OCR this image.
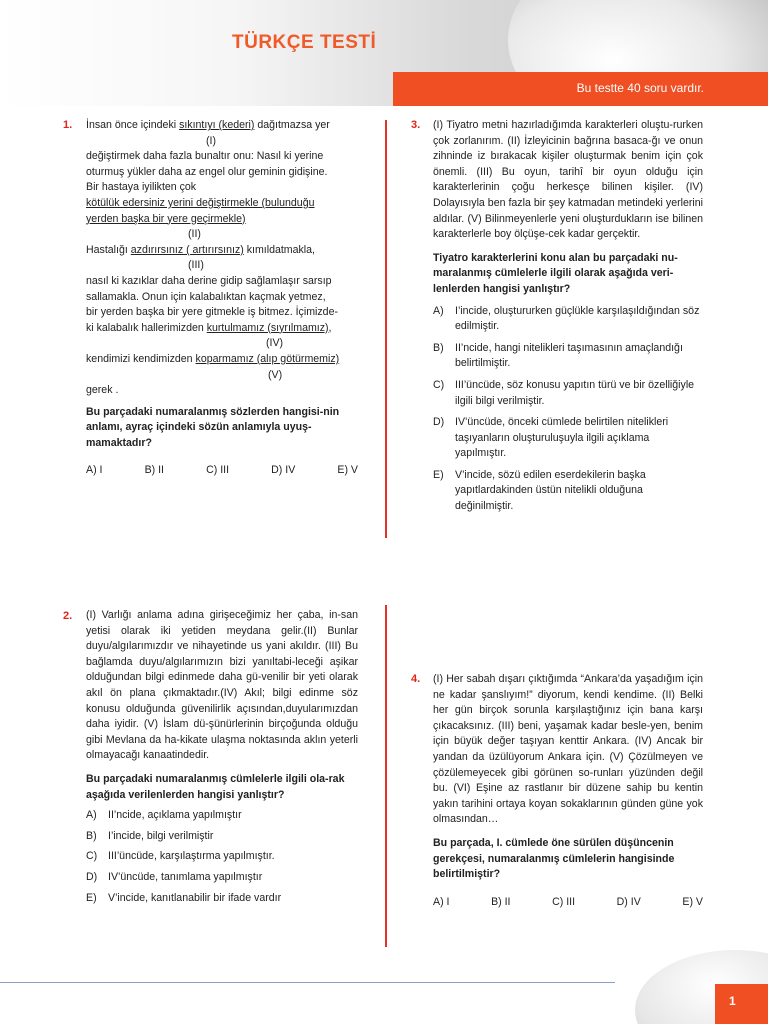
TÜRKÇE TESTİ
Bu testte 40 soru vardır.
1. İnsan önce içindeki sıkıntıyı (kederi) dağıtmazsa yer
(I)
değiştirmek daha fazla bunaltır onu: Nasıl ki yerine
oturmuş yükler daha az engel olur geminin gidişine.
Bir hastaya iyilikten çok
kötülük edersiniz yerini değiştirmekle (bulunduğu
yerden başka bir yere geçirmekle)
(II)
Hastalığı azdırırsınız ( artırırsınız) kımıldatmakla,
(III)
nasıl ki kazıklar daha derine gidip sağlamlaşır sarsıp
sallamakla. Onun için kalabalıktan kaçmak yetmez,
bir yerden başka bir yere gitmekle iş bitmez. İçimizde-
ki kalabalık hallerimizden kurtulmamız (sıyrılmamız),
(IV)
kendimizi kendimizden koparmamız (alıp götürmemiz)
(V)
gerek .
Bu parçadaki numaralanmış sözlerden hangisi-nin anlamı, ayraç içindeki sözün anlamıyla uyuş-mamaktadır?
A) I	B) II	C) III	D) IV	E) V
3. (I) Tiyatro metni hazırladığımda karakterleri oluştu-rurken çok zorlanırım. (II) İzleyicinin bağrına basaca-ğı ve onun zihninde iz bırakacak kişiler oluşturmak benim için çok önemli. (III) Bu oyun, tarihî bir oyun olduğu için karakterlerinin çoğu herkesçe bilinen kişiler. (IV) Dolayısıyla ben fazla bir şey katmadan metindeki yerlerini aldılar. (V) Bilinmeyenlerle yeni oluşturdukların ise bilinen karakterlerle boy ölçüşe-cek kadar gerçektir.
Tiyatro karakterlerini konu alan bu parçadaki nu-maralanmış cümlelerle ilgili olarak aşağıda veri-lenlerden hangisi yanlıştır?
A)	I’incide, oluştururken güçlükle karşılaşıldığından söz edilmiştir.
B)	II’ncide, hangi nitelikleri taşımasının amaçlandığı belirtilmiştir.
C)	III’üncüde, söz konusu yapıtın türü ve bir özelliğiyle ilgili bilgi verilmiştir.
D)	IV’üncüde, önceki cümlede belirtilen nitelikleri taşıyanların oluşturuluşuyla ilgili açıklama yapılmıştır.
E)	V’incide, sözü edilen eserdekilerin başka yapıtlardakinden üstün nitelikli olduğuna değinilmiştir.
2. (I) Varlığı anlama adına girişeceğimiz her çaba, in-san yetisi olarak iki yetiden meydana gelir.(II) Bunlar duyu/algılarımızdır ve nihayetinde us yani akıldır. (III) Bu bağlamda duyu/algılarımızın bizi yanıltabi-leceği aşikar olduğundan bilgi edinmede daha gü-venilir bir yeti olarak akıl ön plana çıkmaktadır.(IV) Akıl; bilgi edinme söz konusu olduğunda güvenilirlik açısından,duyularımızdan daha iyidir. (V) İslam dü-şünürlerinin birçoğunda olduğu gibi Mevlana da ha-kikate ulaşma noktasında aklın yeterli olmayacağı kanaatindedir.
Bu parçadaki numaralanmış cümlelerle ilgili ola-rak aşağıda verilenlerden hangisi yanlıştır?
A)	II’ncide, açıklama yapılmıştır
B)	I’incide, bilgi verilmiştir
C)	III’üncüde, karşılaştırma yapılmıştır.
D)	IV’üncüde, tanımlama yapılmıştır
E)	V’incide, kanıtlanabilir bir ifade vardır
4. (I) Her sabah dışarı çıktığımda “Ankara’da yaşadığım için ne kadar şanslıyım!” diyorum, kendi kendime. (II) Belki her gün birçok sorunla karşılaştığınız için bana karşı çıkacaksınız. (III) beni, yaşamak kadar besle-yen, benim için büyük değer taşıyan kenttir Ankara. (IV) Ancak bir yandan da üzülüyorum Ankara için. (V) Çözülmeyen ve çözülemeyecek gibi görünen so-runları yüzünden değil bu. (VI) Eşine az rastlanır bir düzene sahip bu kentin yakın tarihini ortaya koyan sokaklarının günden güne yok olmasından…
Bu parçada, I. cümlede öne sürülen düşüncenin gerekçesi, numaralanmış cümlelerin hangisinde belirtilmiştir?
A) I	B) II	C) III	D) IV	E) V
1
